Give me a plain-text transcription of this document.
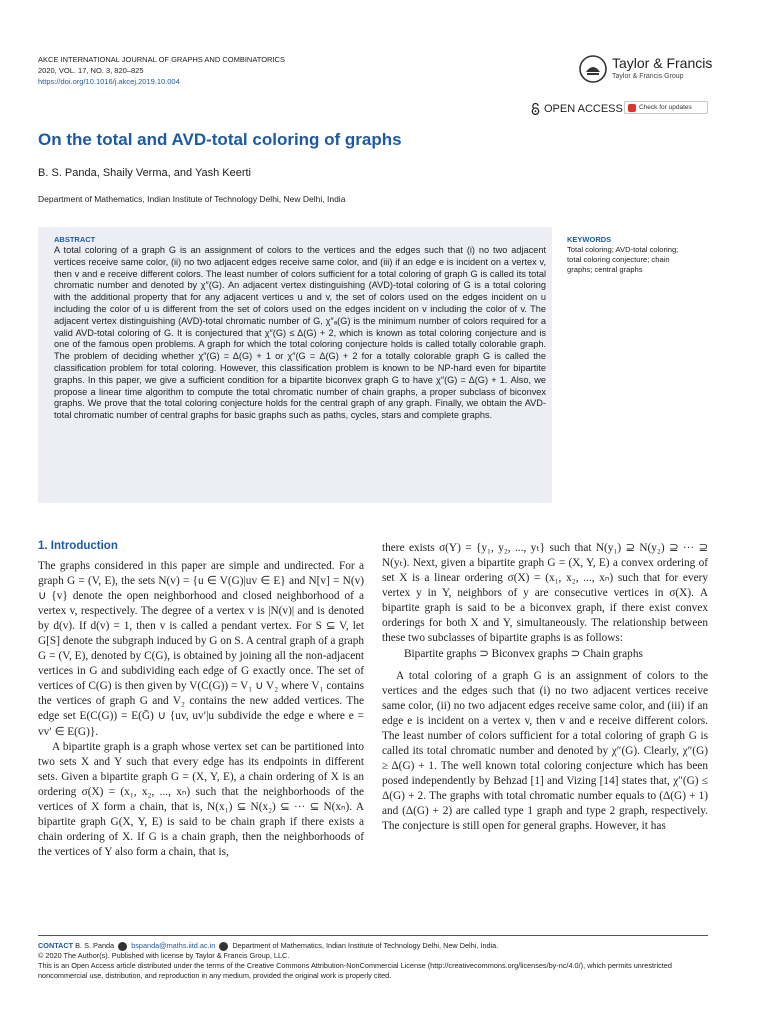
AKCE INTERNATIONAL JOURNAL OF GRAPHS AND COMBINATORICS
2020, VOL. 17, NO. 3, 820–825
https://doi.org/10.1016/j.akcej.2019.10.004
Taylor & Francis
Taylor & Francis Group
OPEN ACCESS Check for updates
On the total and AVD-total coloring of graphs
B. S. Panda, Shaily Verma, and Yash Keerti
Department of Mathematics, Indian Institute of Technology Delhi, New Delhi, India
ABSTRACT
A total coloring of a graph G is an assignment of colors to the vertices and the edges such that (i) no two adjacent vertices receive same color, (ii) no two adjacent edges receive same color, and (iii) if an edge e is incident on a vertex v, then v and e receive different colors. The least number of colors sufficient for a total coloring of graph G is called its total chromatic number and denoted by χ″(G). An adjacent vertex distinguishing (AVD)-total coloring of G is a total coloring with the additional property that for any adjacent vertices u and v, the set of colors used on the edges incident on u including the color of u is different from the set of colors used on the edges incident on v including the color of v. The adjacent vertex distinguishing (AVD)-total chromatic number of G, χ″ₐ(G) is the minimum number of colors required for a valid AVD-total coloring of G. It is conjectured that χ″(G) ≤ Δ(G) + 2, which is known as total coloring conjecture and is one of the famous open problems. A graph for which the total coloring conjecture holds is called totally colorable graph. The problem of deciding whether χ″(G) = Δ(G) + 1 or χ″(G = Δ(G) + 2 for a totally colorable graph G is called the classification problem for total coloring. However, this classification problem is known to be NP-hard even for bipartite graphs. In this paper, we give a sufficient condition for a bipartite biconvex graph G to have χ″(G) = Δ(G) + 1. Also, we propose a linear time algorithm to compute the total chromatic number of chain graphs, a proper subclass of biconvex graphs. We prove that the total coloring conjecture holds for the central graph of any graph. Finally, we obtain the AVD-total chromatic number of central graphs for basic graphs such as paths, cycles, stars and complete graphs.
KEYWORDS
Total coloring; AVD-total coloring; total coloring conjecture; chain graphs; central graphs
1. Introduction

The graphs considered in this paper are simple and undirected. For a graph G = (V, E), the sets N(v) = {u ∈ V(G)|uv ∈ E} and N[v] = N(v) ∪ {v} denote the open neighborhood and closed neighborhood of a vertex v, respectively. The degree of a vertex v is |N(v)| and is denoted by d(v). If d(v) = 1, then v is called a pendant vertex. For S ⊆ V, let G[S] denote the subgraph induced by G on S. A central graph of a graph G = (V, E), denoted by C(G), is obtained by joining all the non-adjacent vertices in G and subdividing each edge of G exactly once. The set of vertices of C(G) is then given by V(C(G)) = V₁ ∪ V₂ where V₁ contains the vertices of graph G and V₂ contains the new added vertices. The edge set E(C(G)) = E(Ḡ) ∪ {uv, uv′|u subdivide the edge e where e = vv′ ∈ E(G)}.

A bipartite graph is a graph whose vertex set can be partitioned into two sets X and Y such that every edge has its endpoints in different sets. Given a bipartite graph G = (X, Y, E), a chain ordering of X is an ordering σ(X) = (x₁, x₂, ..., xₙ) such that the neighborhoods of the vertices of X form a chain, that is, N(x₁) ⊆ N(x₂) ⊆ ··· ⊆ N(xₙ). A bipartite graph G(X, Y, E) is said to be chain graph if there exists a chain ordering of X. If G is a chain graph, then the neighborhoods of the vertices of Y also form a chain, that is,

there exists σ(Y) = {y₁, y₂, ..., yₜ} such that N(y₁) ⊇ N(y₂) ⊇ ··· ⊇ N(yₜ). Next, given a bipartite graph G = (X, Y, E) a convex ordering of set X is a linear ordering σ(X) = (x₁, x₂, ..., xₙ) such that for every vertex y in Y, neighbors of y are consecutive vertices in σ(X). A bipartite graph is said to be a biconvex graph, if there exist convex orderings for both X and Y, simultaneously. The relationship between these two subclasses of bipartite graphs is as follows:

Bipartite graphs ⊃ Biconvex graphs ⊃ Chain graphs

A total coloring of a graph G is an assignment of colors to the vertices and the edges such that (i) no two adjacent vertices receive same color, (ii) no two adjacent edges receive same color, and (iii) if an edge e is incident on a vertex v, then v and e receive different colors. The least number of colors sufficient for a total coloring of graph G is called its total chromatic number and denoted by χ″(G). Clearly, χ″(G) ≥ Δ(G) + 1. The well known total coloring conjecture which has been posed independently by Behzad [1] and Vizing [14] states that, χ″(G) ≤ Δ(G) + 2. The graphs with total chromatic number equals to (Δ(G) + 1) and (Δ(G) + 2) are called type 1 graph and type 2 graph, respectively. The conjecture is still open for general graphs. However, it has

CONTACT B. S. Panda bspanda@maths.iitd.ac.in Department of Mathematics, Indian Institute of Technology Delhi, New Delhi, India.
© 2020 The Author(s). Published with license by Taylor & Francis Group, LLC.
This is an Open Access article distributed under the terms of the Creative Commons Attribution-NonCommercial License (http://creativecommons.org/licenses/by-nc/4.0/), which permits unrestricted noncommercial use, distribution, and reproduction in any medium, provided the original work is properly cited.
